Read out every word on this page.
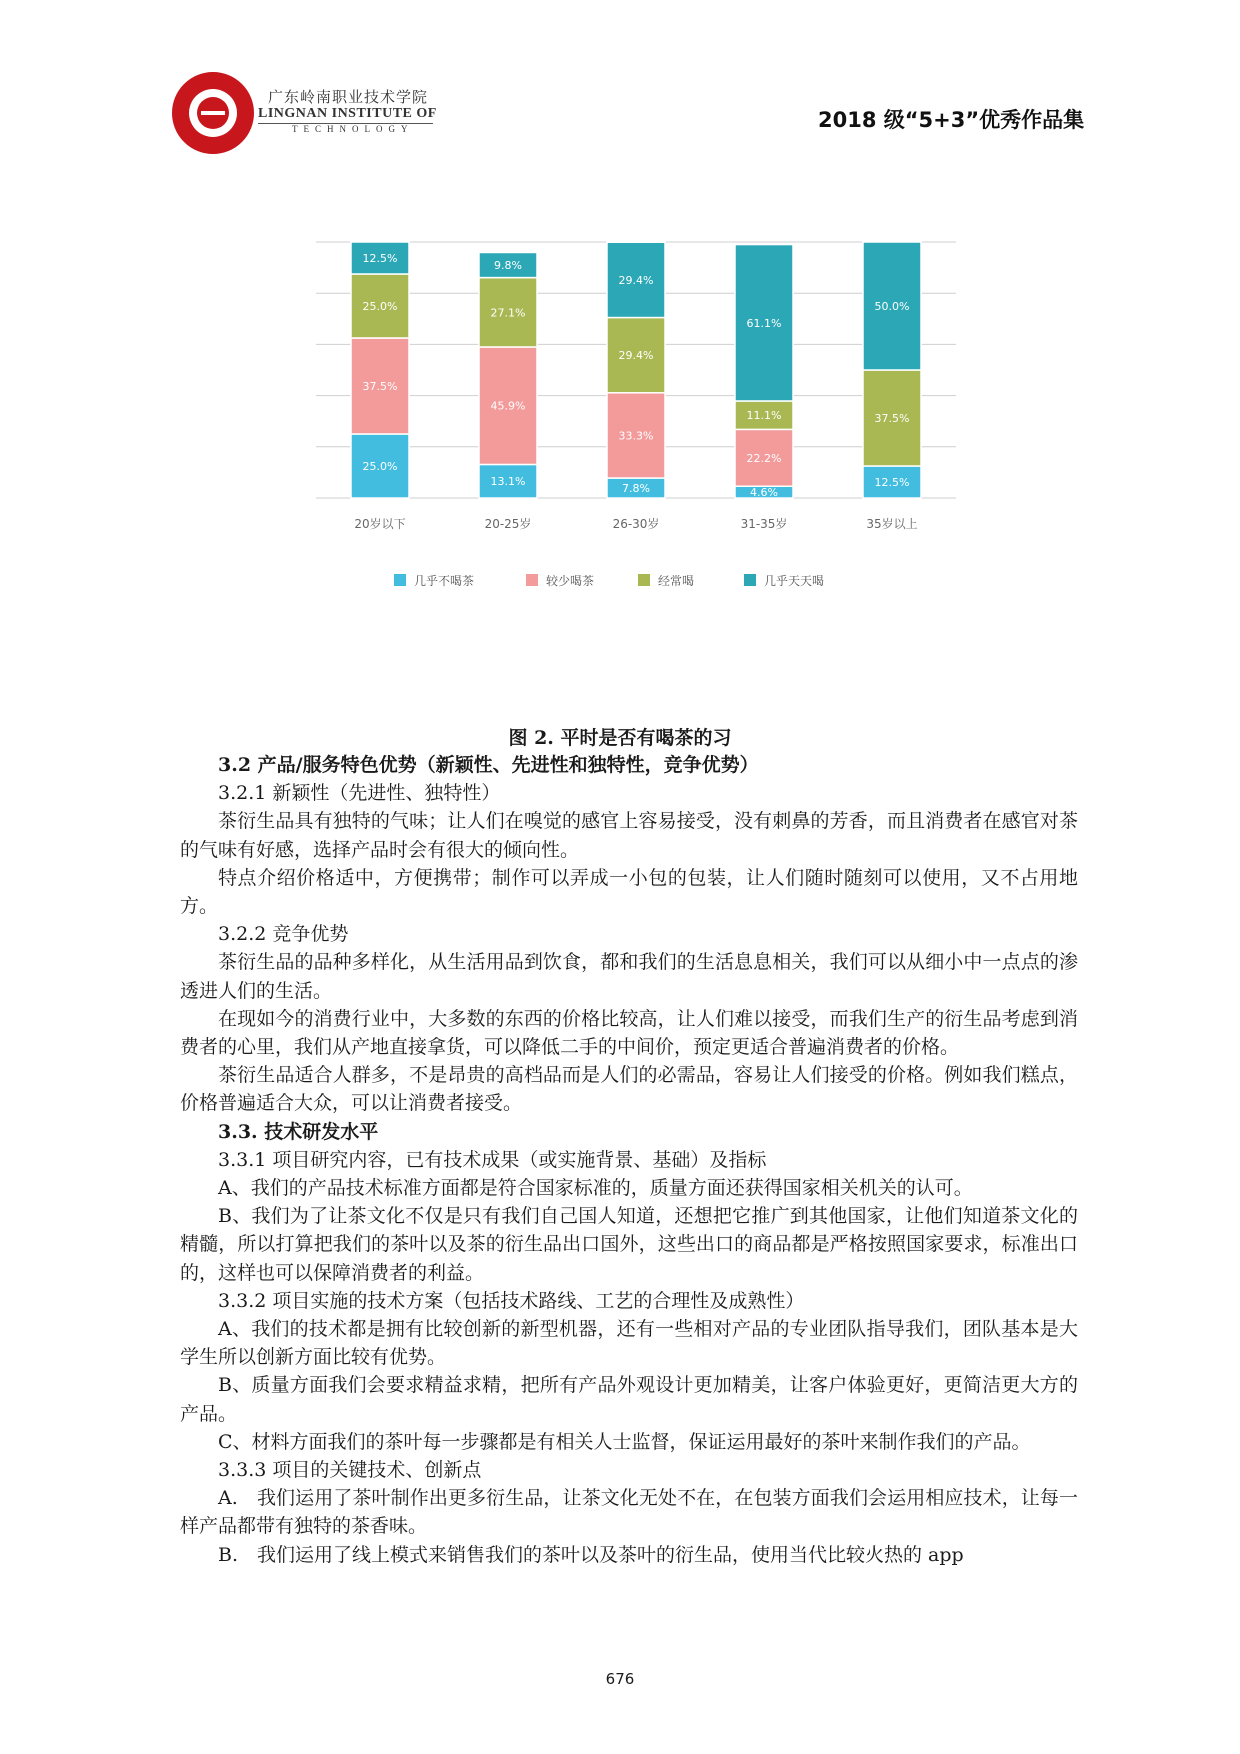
广东岭南职业技术学院
LINGNAN INSTITUTE OF
TECHNOLOGY	2018 级“5+3”优秀作品集
25.0%
37.5%
25.0%
12.5%
20岁以下
13.1%
45.9%
27.1%
9.8%
20-25岁
7.8%
33.3%
29.4%
29.4%
26-30岁
4.6%
22.2%
11.1%
61.1%
31-35岁
12.5%
37.5%
50.0%
35岁以上
几乎不喝茶	较少喝茶	经常喝	几乎天天喝
图 2. 平时是否有喝茶的习

3.2 产品/服务特色优势（新颖性、先进性和独特性，竞争优势）

3.2.1 新颖性（先进性、独特性）

茶衍生品具有独特的气味；让人们在嗅觉的感官上容易接受，没有刺鼻的芳香，而且消费者在感官对茶的气味有好感，选择产品时会有很大的倾向性。

特点介绍价格适中，方便携带；制作可以弄成一小包的包装，让人们随时随刻可以使用，又不占用地方。

3.2.2 竞争优势

茶衍生品的品种多样化，从生活用品到饮食，都和我们的生活息息相关，我们可以从细小中一点点的渗透进人们的生活。

在现如今的消费行业中，大多数的东西的价格比较高，让人们难以接受，而我们生产的衍生品考虑到消费者的心里，我们从产地直接拿货，可以降低二手的中间价，预定更适合普遍消费者的价格。

茶衍生品适合人群多，不是昂贵的高档品而是人们的必需品，容易让人们接受的价格。例如我们糕点，价格普遍适合大众，可以让消费者接受。

3.3. 技术研发水平

3.3.1 项目研究内容，已有技术成果（或实施背景、基础）及指标

A、我们的产品技术标准方面都是符合国家标准的，质量方面还获得国家相关机关的认可。

B、我们为了让茶文化不仅是只有我们自己国人知道，还想把它推广到其他国家，让他们知道茶文化的精髓，所以打算把我们的茶叶以及茶的衍生品出口国外，这些出口的商品都是严格按照国家要求，标准出口的，这样也可以保障消费者的利益。

3.3.2 项目实施的技术方案（包括技术路线、工艺的合理性及成熟性）

A、我们的技术都是拥有比较创新的新型机器，还有一些相对产品的专业团队指导我们，团队基本是大学生所以创新方面比较有优势。

B、质量方面我们会要求精益求精，把所有产品外观设计更加精美，让客户体验更好，更简洁更大方的产品。

C、材料方面我们的茶叶每一步骤都是有相关人士监督，保证运用最好的茶叶来制作我们的产品。

3.3.3 项目的关键技术、创新点

A.　我们运用了茶叶制作出更多衍生品，让茶文化无处不在，在包装方面我们会运用相应技术，让每一样产品都带有独特的茶香味。

B.　我们运用了线上模式来销售我们的茶叶以及茶叶的衍生品，使用当代比较火热的 app

676
